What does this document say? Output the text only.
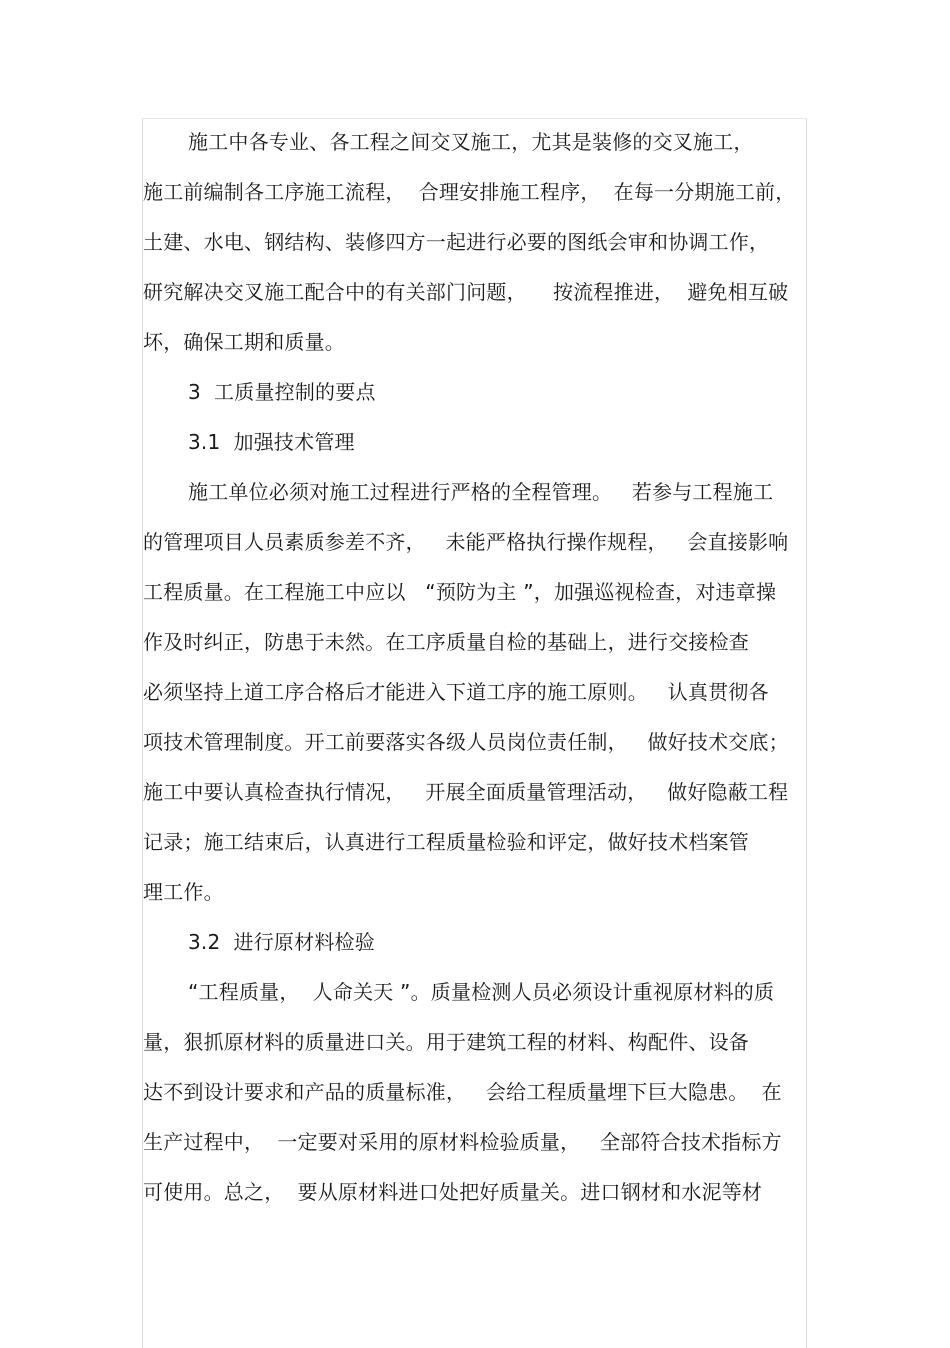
施工中各专业、各工程之间交叉施工，尤其是装修的交叉施工，
施工前编制各工序施工流程，  合理安排施工程序，  在每一分期施工前，
土建、水电、钢结构、装修四方一起进行必要的图纸会审和协调工作，
研究解决交叉施工配合中的有关部门问题，    按流程推进，  避免相互破
坏，确保工期和质量。
3  工质量控制的要点
3.1  加强技术管理
施工单位必须对施工过程进行严格的全程管理。   若参与工程施工
的管理项目人员素质参差不齐，   未能严格执行操作规程，   会直接影响
工程质量。在工程施工中应以   “预防为主 ”，加强巡视检查，对违章操
作及时纠正，防患于未然。在工序质量自检的基础上，进行交接检查
必须坚持上道工序合格后才能进入下道工序的施工原则。   认真贯彻各
项技术管理制度。开工前要落实各级人员岗位责任制，   做好技术交底；
施工中要认真检查执行情况，   开展全面质量管理活动，   做好隐蔽工程
记录；施工结束后，认真进行工程质量检验和评定，做好技术档案管
理工作。
3.2  进行原材料检验
“工程质量，  人命关天 ”。质量检测人员必须设计重视原材料的质
量，狠抓原材料的质量进口关。用于建筑工程的材料、构配件、设备
达不到设计要求和产品的质量标准，   会给工程质量埋下巨大隐患。  在
生产过程中，  一定要对采用的原材料检验质量，   全部符合技术指标方
可使用。总之，  要从原材料进口处把好质量关。进口钢材和水泥等材
